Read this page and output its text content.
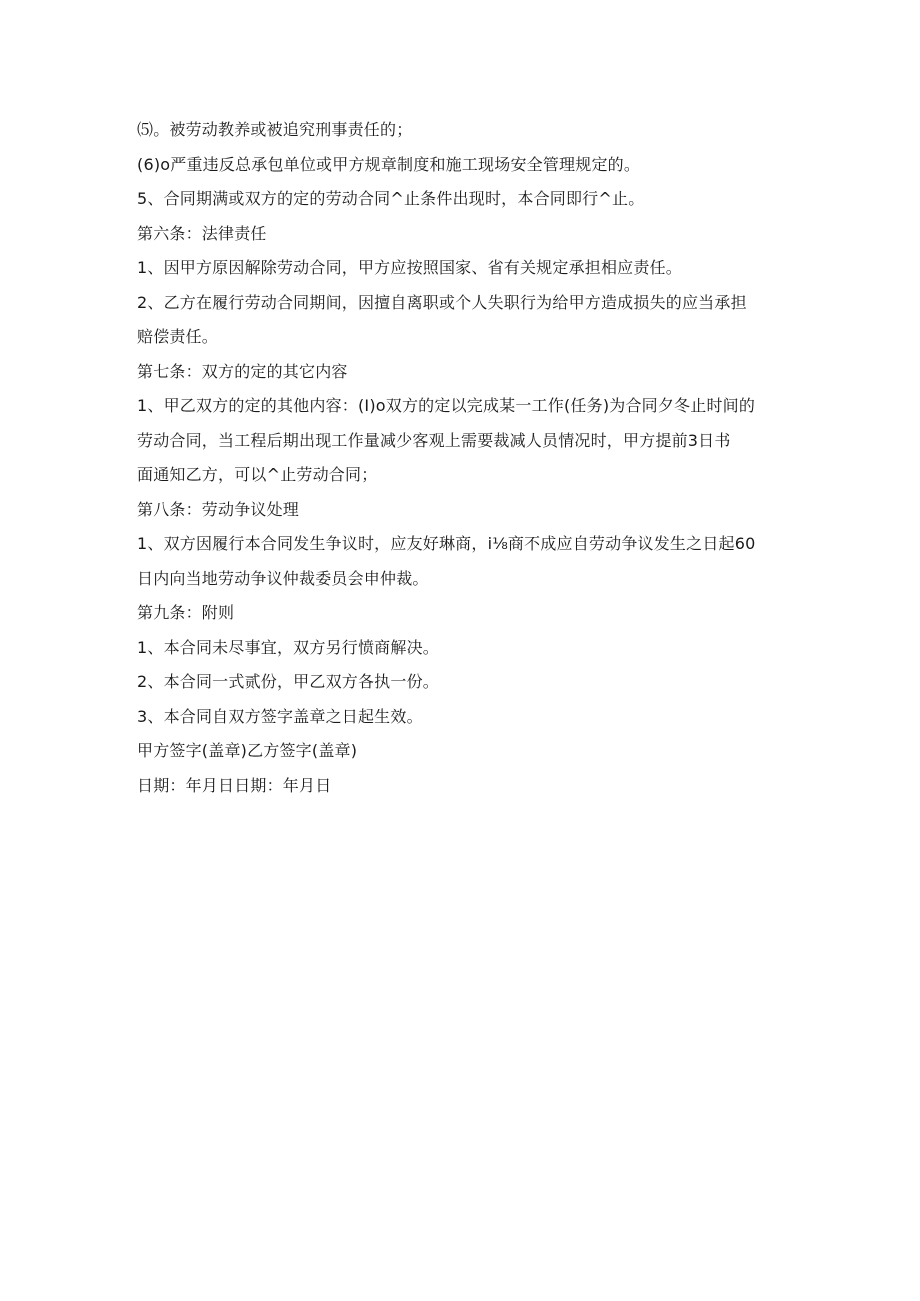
⑸。被劳动教养或被追究刑事责任的；
(6)o严重违反总承包单位或甲方规章制度和施工现场安全管理规定的。
5、合同期满或双方的定的劳动合同^止条件出现时，本合同即行^止。
第六条：法律责任
1、因甲方原因解除劳动合同，甲方应按照国家、省有关规定承担相应责任。
2、乙方在履行劳动合同期间，因擅自离职或个人失职行为给甲方造成损失的应当承担
赔偿责任。
第七条：双方的定的其它内容
1、甲乙双方的定的其他内容：(I)o双方的定以完成某一工作(任务)为合同夕冬止时间的
劳动合同，当工程后期出现工作量减少客观上需要裁减人员情况时，甲方提前3日书
面通知乙方，可以^止劳动合同；
第八条：劳动争议处理
1、双方因履行本合同发生争议时，应友好琳商，i⅛商不成应自劳动争议发生之日起60
日内向当地劳动争议仲裁委员会申仲裁。
第九条：附则
1、本合同未尽事宜，双方另行愤商解决。
2、本合同一式贰份，甲乙双方各执一份。
3、本合同自双方签字盖章之日起生效。
甲方签字(盖章)乙方签字(盖章)
日期：年月日日期：年月日
